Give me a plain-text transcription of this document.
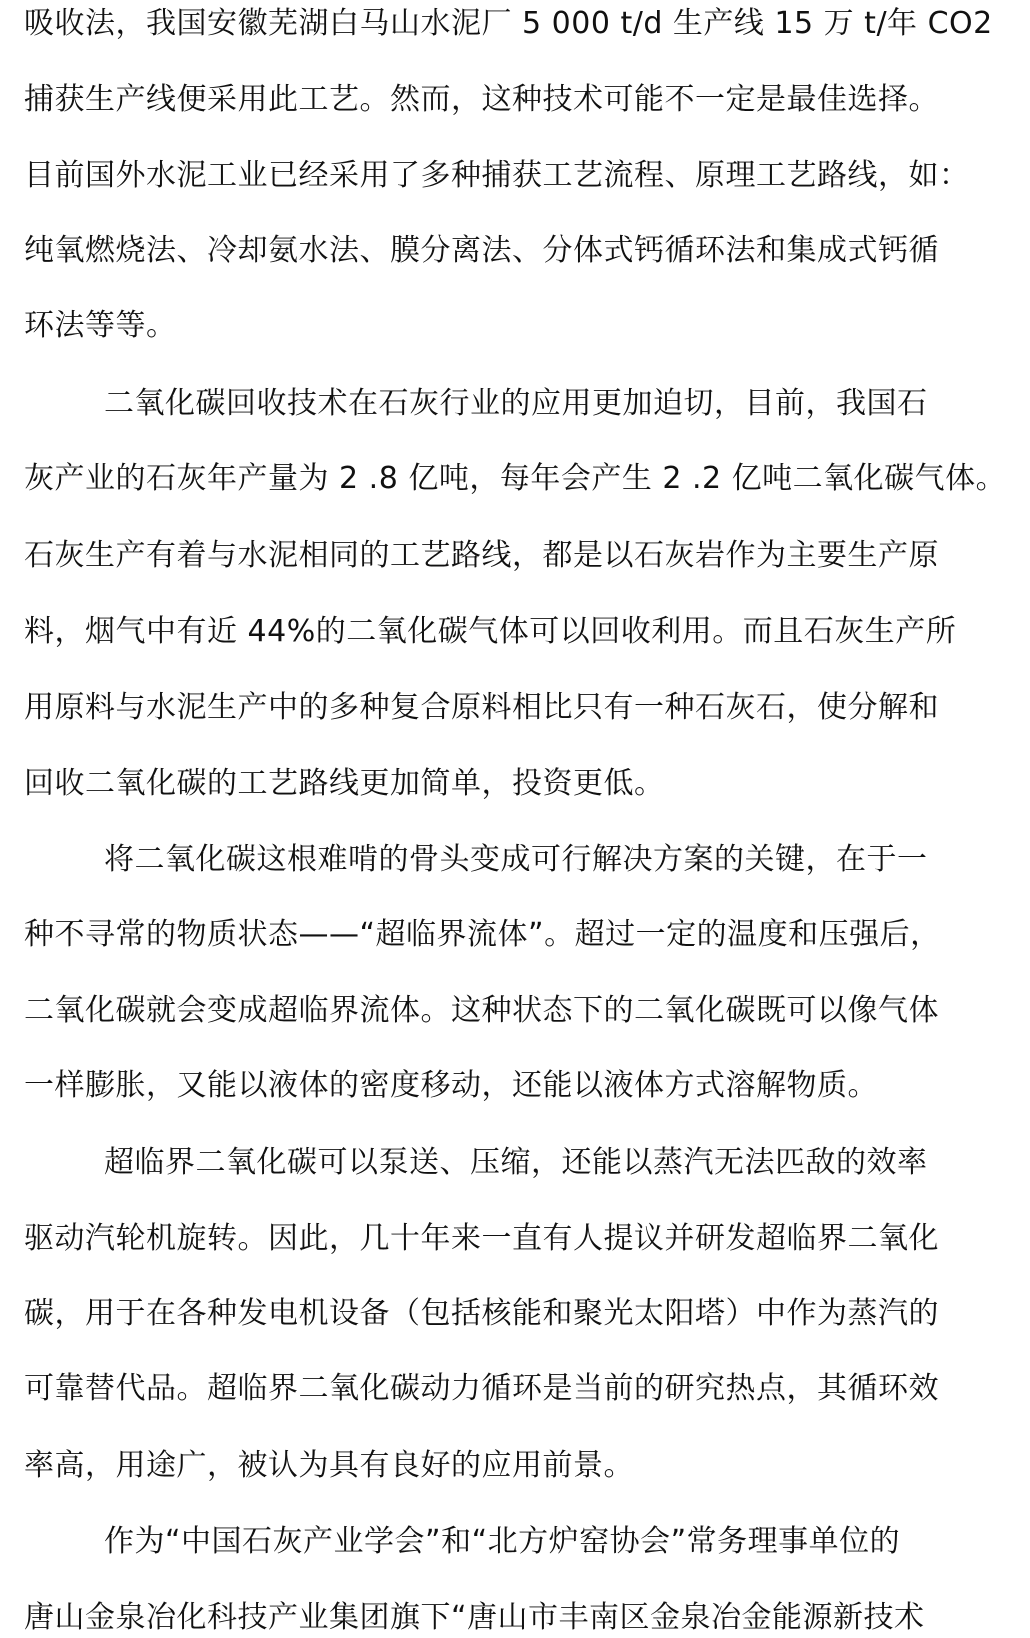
吸收法，我国安徽芜湖白马山水泥厂 5 000 t/d 生产线 15 万 t/年 CO2
捕获生产线便采用此工艺。然而，这种技术可能不一定是最佳选择。
目前国外水泥工业已经采用了多种捕获工艺流程、原理工艺路线，如：
纯氧燃烧法、冷却氨水法、膜分离法、分体式钙循环法和集成式钙循
环法等等。
二氧化碳回收技术在石灰行业的应用更加迫切，目前，我国石
灰产业的石灰年产量为 2 .8 亿吨，每年会产生 2 .2 亿吨二氧化碳气体。
石灰生产有着与水泥相同的工艺路线，都是以石灰岩作为主要生产原
料，烟气中有近 44%的二氧化碳气体可以回收利用。而且石灰生产所
用原料与水泥生产中的多种复合原料相比只有一种石灰石，使分解和
回收二氧化碳的工艺路线更加简单，投资更低。
将二氧化碳这根难啃的骨头变成可行解决方案的关键，在于一
种不寻常的物质状态——“超临界流体”。超过一定的温度和压强后，
二氧化碳就会变成超临界流体。这种状态下的二氧化碳既可以像气体
一样膨胀，又能以液体的密度移动，还能以液体方式溶解物质。
超临界二氧化碳可以泵送、压缩，还能以蒸汽无法匹敌的效率
驱动汽轮机旋转。因此，几十年来一直有人提议并研发超临界二氧化
碳，用于在各种发电机设备（包括核能和聚光太阳塔）中作为蒸汽的
可靠替代品。超临界二氧化碳动力循环是当前的研究热点，其循环效
率高，用途广，被认为具有良好的应用前景。
作为“中国石灰产业学会”和“北方炉窑协会”常务理事单位的
唐山金泉冶化科技产业集团旗下“唐山市丰南区金泉冶金能源新技术
